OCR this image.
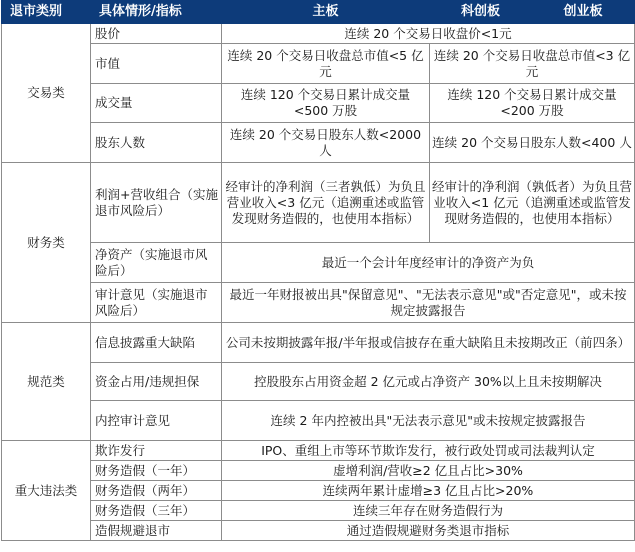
退市类别	具体情形/指标	主板	科创板	创业板
交易类	股价	连续 20 个交易日收盘价<1元		
	市值	连续 20 个交易日收盘总市值<5 亿元	连续 20 个交易日收盘总市值<3 亿元	
	成交量	连续 120 个交易日累计成交量<500 万股	连续 120 个交易日累计成交量<200 万股	
	股东人数	连续 20 个交易日股东人数<2000 人	连续 20 个交易日股东人数<400 人	
财务类	利润+营收组合（实施退市风险后）	经审计的净利润（三者孰低）为负且营业收入<3 亿元（追溯重述或监管发现财务造假的，也使用本指标）	经审计的净利润（孰低者）为负且营业收入<1 亿元（追溯重述或监管发现财务造假的，也使用本指标）	
	净资产（实施退市风险后）	最近一个会计年度经审计的净资产为负		
	审计意见（实施退市风险后）	最近一年财报被出具"保留意见"、"无法表示意见"或"否定意见"，或未按规定披露报告		
规范类	信息披露重大缺陷	公司未按期披露年报/半年报或信披存在重大缺陷且未按期改正（前四条）		
	资金占用/违规担保	控股股东占用资金超 2 亿元或占净资产 30%以上且未按期解决		
	内控审计意见	连续 2 年内控被出具"无法表示意见"或未按规定披露报告		
重大违法类	欺诈发行	IPO、重组上市等环节欺诈发行，被行政处罚或司法裁判认定		
	财务造假（一年）	虚增利润/营收≥2 亿且占比>30%		
	财务造假（两年）	连续两年累计虚增≥3 亿且占比>20%		
	财务造假（三年）	连续三年存在财务造假行为		
	造假规避退市	通过造假规避财务类退市指标		
